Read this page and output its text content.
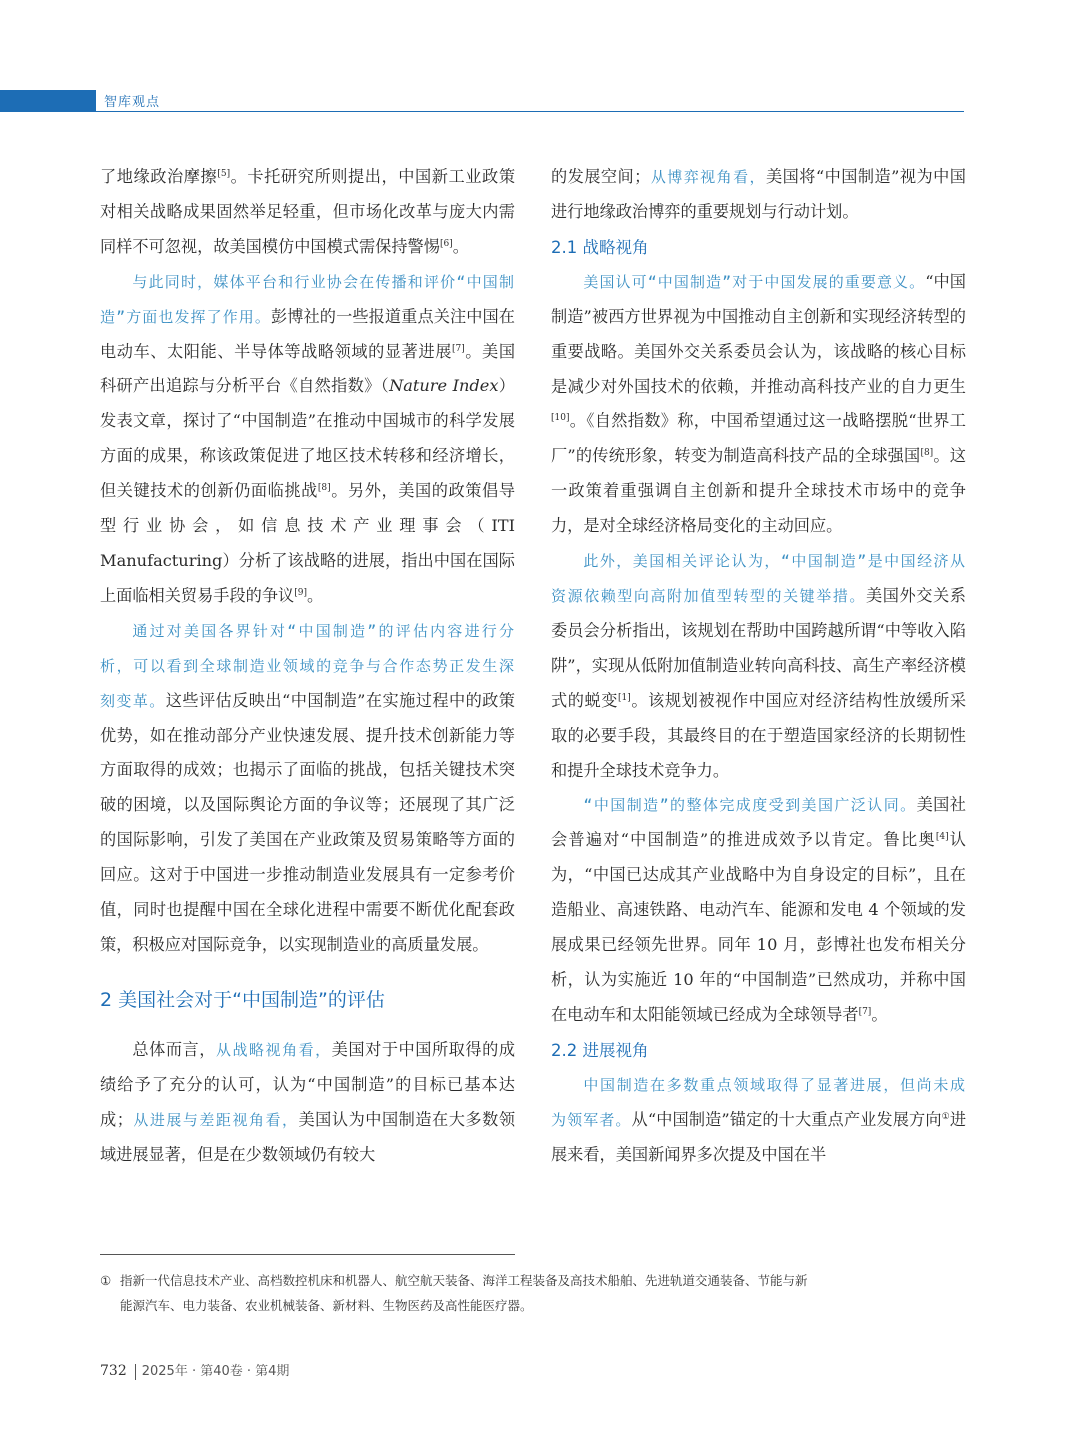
智库观点

了地缘政治摩擦[5]。卡托研究所则提出，中国新工业政策对相关战略成果固然举足轻重，但市场化改革与庞大内需同样不可忽视，故美国模仿中国模式需保持警惕[6]。

与此同时，媒体平台和行业协会在传播和评价“中国制造”方面也发挥了作用。彭博社的一些报道重点关注中国在电动车、太阳能、半导体等战略领域的显著进展[7]。美国科研产出追踪与分析平台《自然指数》（Nature Index）发表文章，探讨了“中国制造”在推动中国城市的科学发展方面的成果，称该政策促进了地区技术转移和经济增长，但关键技术的创新仍面临挑战[8]。另外，美国的政策倡导型行业协会，如信息技术产业理事会（ITI Manufacturing）分析了该战略的进展，指出中国在国际上面临相关贸易手段的争议[9]。

通过对美国各界针对“中国制造”的评估内容进行分析，可以看到全球制造业领域的竞争与合作态势正发生深刻变革。这些评估反映出“中国制造”在实施过程中的政策优势，如在推动部分产业快速发展、提升技术创新能力等方面取得的成效；也揭示了面临的挑战，包括关键技术突破的困境，以及国际舆论方面的争议等；还展现了其广泛的国际影响，引发了美国在产业政策及贸易策略等方面的回应。这对于中国进一步推动制造业发展具有一定参考价值，同时也提醒中国在全球化进程中需要不断优化配套政策，积极应对国际竞争，以实现制造业的高质量发展。

2 美国社会对于“中国制造”的评估

总体而言，从战略视角看，美国对于中国所取得的成绩给予了充分的认可，认为“中国制造”的目标已基本达成；从进展与差距视角看，美国认为中国制造在大多数领域进展显著，但是在少数领域仍有较大

的发展空间；从博弈视角看，美国将“中国制造”视为中国进行地缘政治博弈的重要规划与行动计划。

2.1 战略视角

美国认可“中国制造”对于中国发展的重要意义。“中国制造”被西方世界视为中国推动自主创新和实现经济转型的重要战略。美国外交关系委员会认为，该战略的核心目标是减少对外国技术的依赖，并推动高科技产业的自力更生 [10]。《自然指数》称，中国希望通过这一战略摆脱“世界工厂”的传统形象，转变为制造高科技产品的全球强国[8]。这一政策着重强调自主创新和提升全球技术市场中的竞争力，是对全球经济格局变化的主动回应。

此外，美国相关评论认为，“中国制造”是中国经济从资源依赖型向高附加值型转型的关键举措。美国外交关系委员会分析指出，该规划在帮助中国跨越所谓“中等收入陷阱”，实现从低附加值制造业转向高科技、高生产率经济模式的蜕变[1]。该规划被视作中国应对经济结构性放缓所采取的必要手段，其最终目的在于塑造国家经济的长期韧性和提升全球技术竞争力。

“中国制造”的整体完成度受到美国广泛认同。美国社会普遍对“中国制造”的推进成效予以肯定。鲁比奥[4]认为，“中国已达成其产业战略中为自身设定的目标”，且在造船业、高速铁路、电动汽车、能源和发电 4 个领域的发展成果已经领先世界。同年 10 月，彭博社也发布相关分析，认为实施近 10 年的“中国制造”已然成功，并称中国在电动车和太阳能领域已经成为全球领导者[7]。

2.2 进展视角

中国制造在多数重点领域取得了显著进展，但尚未成为领军者。从“中国制造”锚定的十大重点产业发展方向①进展来看，美国新闻界多次提及中国在半

① 指新一代信息技术产业、高档数控机床和机器人、航空航天装备、海洋工程装备及高技术船舶、先进轨道交通装备、节能与新
能源汽车、电力装备、农业机械装备、新材料、生物医药及高性能医疗器。
732 2025年 · 第40卷 · 第4期
